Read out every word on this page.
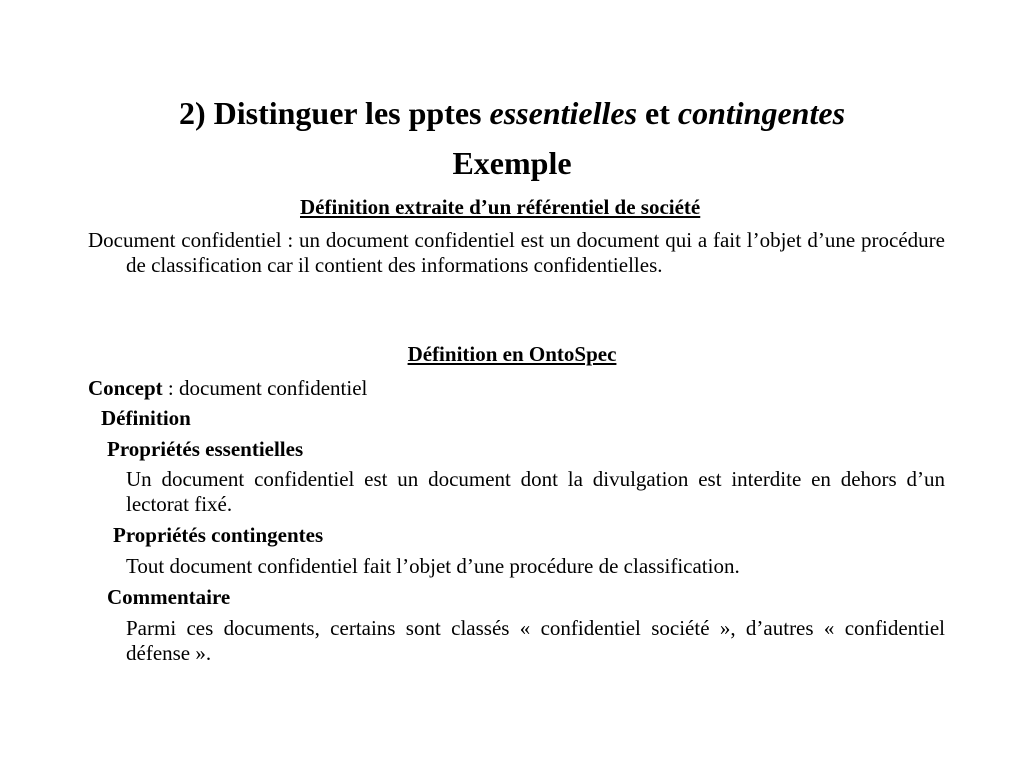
2) Distinguer les pptes essentielles et contingentes
Exemple
Définition extraite d’un référentiel de société
Document confidentiel : un document confidentiel est un document qui a fait l’objet d’une procédure de classification car il contient des informations confidentielles.
Définition en OntoSpec
Concept : document confidentiel
Définition
Propriétés essentielles
Un document confidentiel est un document dont la divulgation est interdite en dehors d’un lectorat fixé.
Propriétés contingentes
Tout document confidentiel fait l’objet d’une procédure de classification.
Commentaire
Parmi ces documents, certains sont classés « confidentiel société », d’autres « confidentiel défense ».
